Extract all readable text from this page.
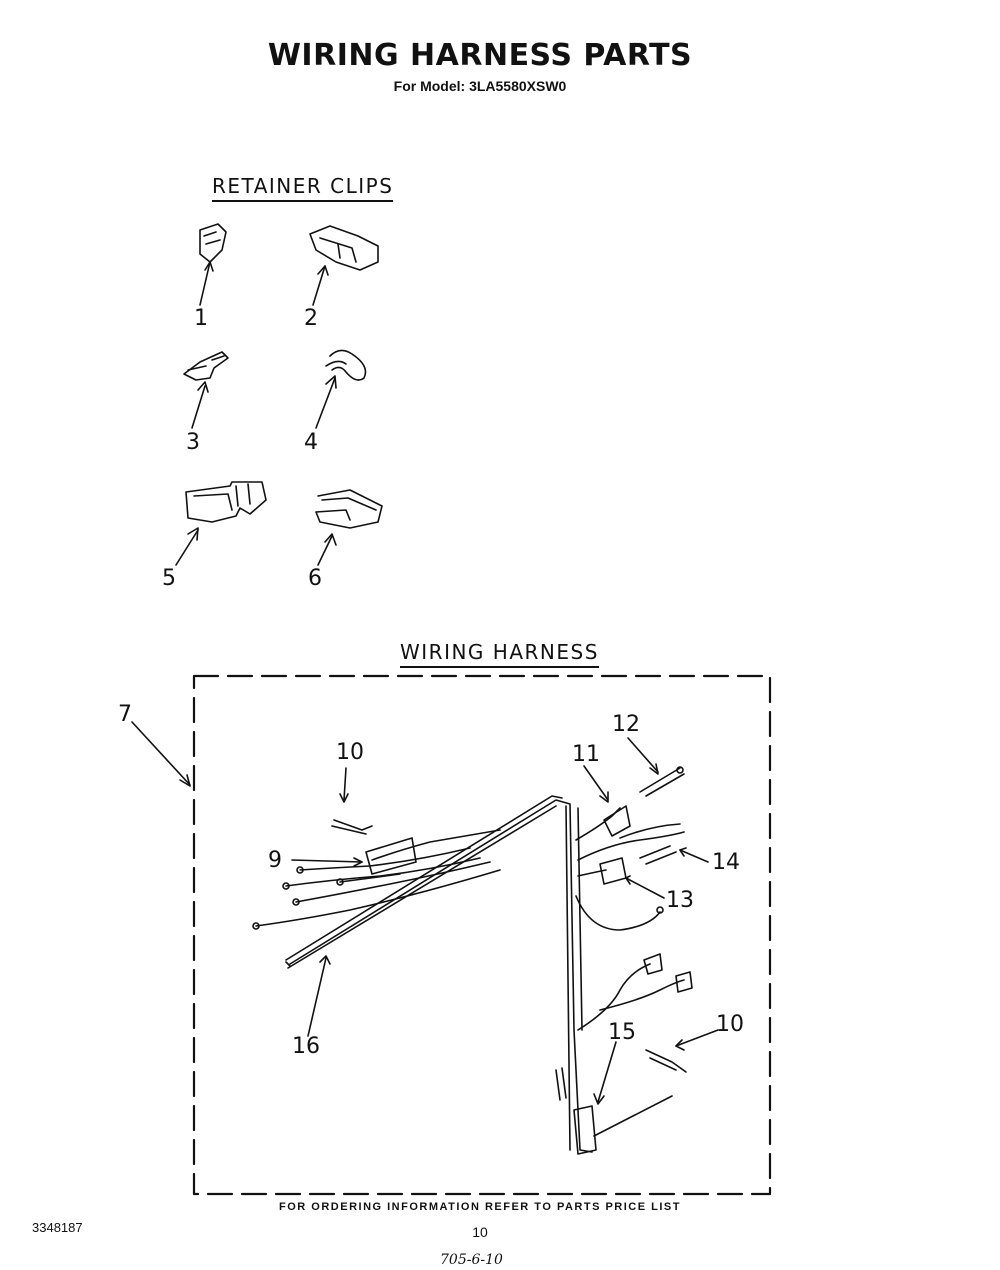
WIRING HARNESS PARTS
For Model: 3LA5580XSW0
RETAINER CLIPS
WIRING HARNESS
1	2
3	4
5	6
7
10
12
11
9	14
13
16
15	10
FOR ORDERING INFORMATION REFER TO PARTS PRICE LIST
3348187	10
705-6-10
